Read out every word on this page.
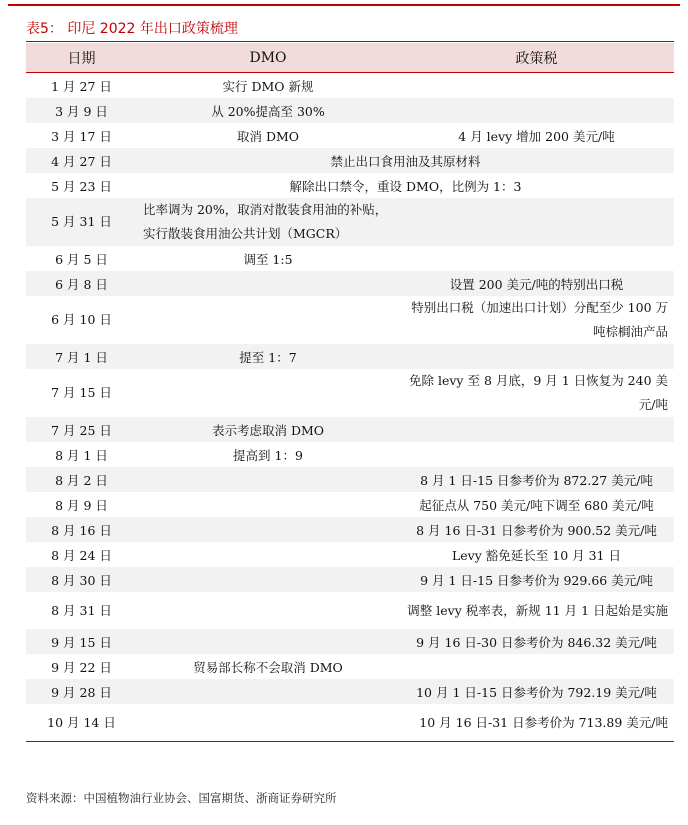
表5： 印尼 2022 年出口政策梳理
日期	DMO	政策税
1 月 27 日	实行 DMO 新规	
3 月 9 日	从 20%提高至 30%	
3 月 17 日	取消 DMO	4 月 levy 增加 200 美元/吨
4 月 27 日	禁止出口食用油及其原材料	
5 月 23 日	解除出口禁令，重设 DMO，比例为 1：3	
5 月 31 日	比率调为 20%，取消对散装食用油的补贴，实行散装食用油公共计划（MGCR）	
6 月 5 日	调至 1:5	
6 月 8 日		设置 200 美元/吨的特别出口税
6 月 10 日		特别出口税（加速出口计划）分配至少 100 万吨棕榈油产品
7 月 1 日	提至 1：7	
7 月 15 日		免除 levy 至 8 月底，9 月 1 日恢复为 240 美元/吨
7 月 25 日	表示考虑取消 DMO	
8 月 1 日	提高到 1：9	
8 月 2 日		8 月 1 日-15 日参考价为 872.27 美元/吨
8 月 9 日		起征点从 750 美元/吨下调至 680 美元/吨
8 月 16 日		8 月 16 日-31 日参考价为 900.52 美元/吨
8 月 24 日		Levy 豁免延长至 10 月 31 日
8 月 30 日		9 月 1 日-15 日参考价为 929.66 美元/吨
8 月 31 日		调整 levy 税率表，新规 11 月 1 日起始是实施
9 月 15 日		9 月 16 日-30 日参考价为 846.32 美元/吨
9 月 22 日	贸易部长称不会取消 DMO	
9 月 28 日		10 月 1 日-15 日参考价为 792.19 美元/吨
10 月 14 日		10 月 16 日-31 日参考价为 713.89 美元/吨
资料来源：中国植物油行业协会、国富期货、浙商证券研究所
